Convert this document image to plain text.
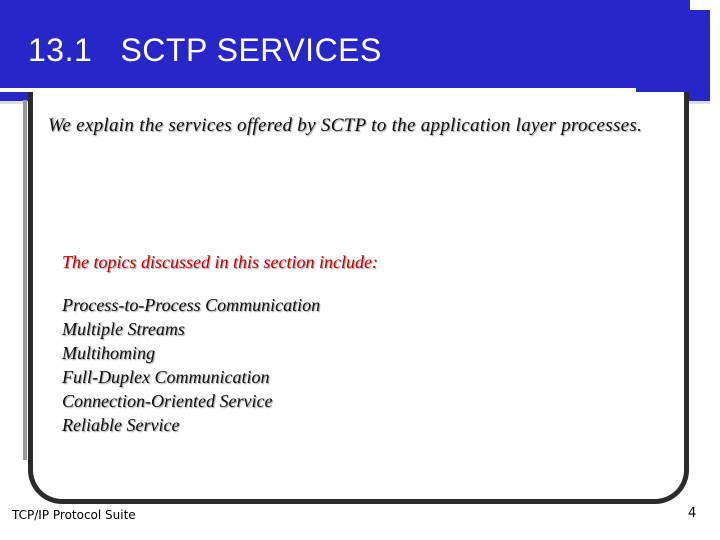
13.1   SCTP SERVICES
We explain the services offered by SCTP to the application layer processes.
The topics discussed in this section include:
Process-to-Process Communication
Multiple Streams
Multihoming
Full-Duplex Communication
Connection-Oriented Service
Reliable Service
TCP/IP Protocol Suite	4
